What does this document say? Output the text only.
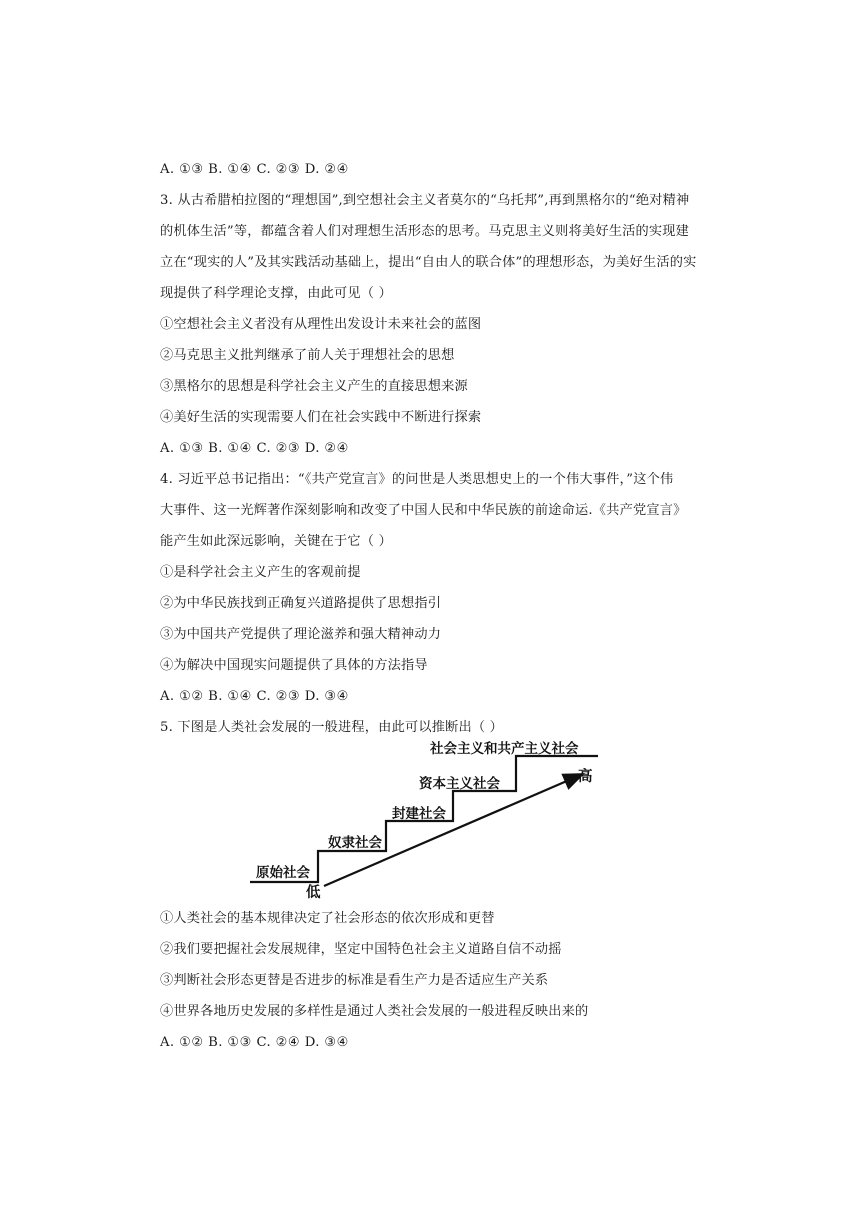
A. ①③ B. ①④ C. ②③ D. ②④
3. 从古希腊柏拉图的“理想国”,到空想社会主义者莫尔的“乌托邦”,再到黑格尔的“绝对精神
的机体生活”等，都蕴含着人们对理想生活形态的思考。马克思主义则将美好生活的实现建
立在“现实的人”及其实践活动基础上，提出“自由人的联合体”的理想形态，为美好生活的实
现提供了科学理论支撑，由此可见（ ）
①空想社会主义者没有从理性出发设计未来社会的蓝图
②马克思主义批判继承了前人关于理想社会的思想
③黑格尔的思想是科学社会主义产生的直接思想来源
④美好生活的实现需要人们在社会实践中不断进行探索
A. ①③ B. ①④ C. ②③ D. ②④
4. 习近平总书记指出：“《共产党宣言》的问世是人类思想史上的一个伟大事件，”这个伟
大事件、这一光辉著作深刻影响和改变了中国人民和中华民族的前途命运.《共产党宣言》
能产生如此深远影响，关键在于它（ ）
①是科学社会主义产生的客观前提
②为中华民族找到正确复兴道路提供了思想指引
③为中国共产党提供了理论滋养和强大精神动力
④为解决中国现实问题提供了具体的方法指导
A. ①② B. ①④ C. ②③ D. ③④
5. 下图是人类社会发展的一般进程，由此可以推断出（ ）
原始社会
奴隶社会
封建社会
资本主义社会
社会主义和共产主义社会
低
高
①人类社会的基本规律决定了社会形态的依次形成和更替
②我们要把握社会发展规律，坚定中国特色社会主义道路自信不动摇
③判断社会形态更替是否进步的标准是看生产力是否适应生产关系
④世界各地历史发展的多样性是通过人类社会发展的一般进程反映出来的
A. ①② B. ①③ C. ②④ D. ③④
